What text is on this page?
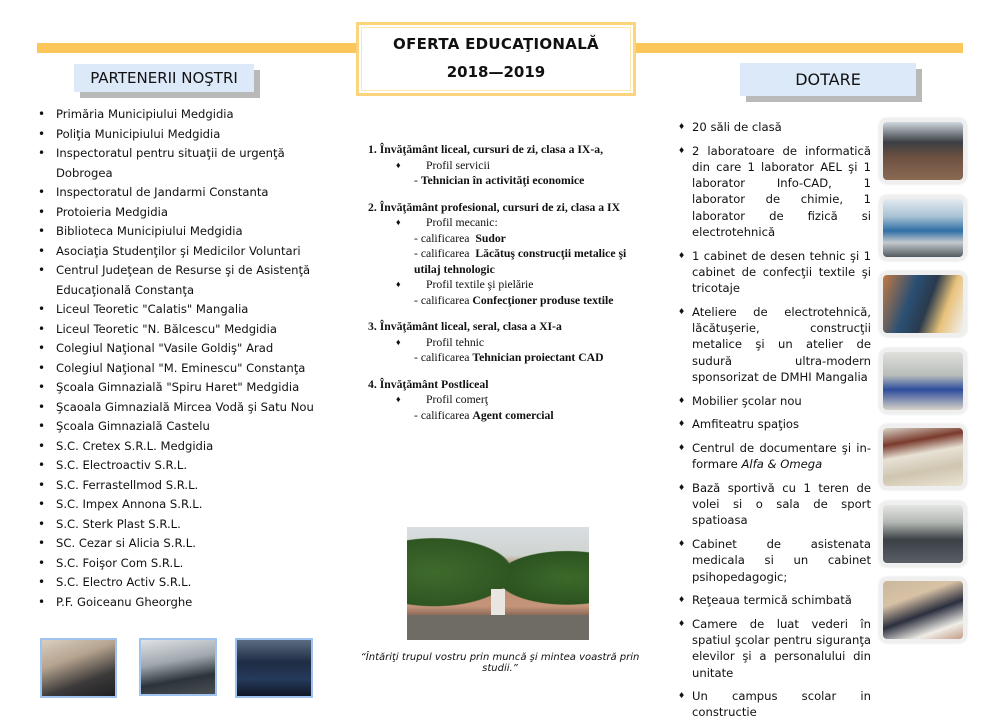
OFERTA EDUCAŢIONALĂ
2018—2019
PARTENERII NOŞTRI
• Primăria Municipiului Medgidia
• Poliţia Municipiului Medgidia
• Inspectoratul pentru situaţii de urgenţă Dobrogea
• Inspectoratul de Jandarmi Constanta
• Protoieria Medgidia
• Biblioteca Municipiului Medgidia
• Asociaţia Studenţilor şi Medicilor Voluntari
• Centrul Judeţean de Resurse şi de Asistenţă Educaţională Constanţa
• Liceul Teoretic "Calatis" Mangalia
• Liceul Teoretic "N. Bălcescu" Medgidia
• Colegiul Naţional "Vasile Goldiş" Arad
• Colegiul Naţional "M. Eminescu" Constanţa
• Şcoala Gimnazială "Spiru Haret" Medgidia
• Şcaoala Gimnazială Mircea Vodă şi Satu Nou
• Şcoala Gimnazială Castelu
• S.C. Cretex S.R.L. Medgidia
• S.C. Electroactiv S.R.L.
• S.C. Ferrastellmod S.R.L.
• S.C. Impex Annona S.R.L.
• S.C. Sterk Plast S.R.L.
• SC. Cezar si Alicia S.R.L.
• S.C. Foişor Com S.R.L.
• S.C. Electro Activ S.R.L.
• P.F. Goiceanu Gheorghe
1. Învăţământ liceal, cursuri de zi, clasa a IX-a,
♦ Profil servicii
- Tehnician în activităţi economice
2. Învăţământ profesional, cursuri de zi, clasa a IX
♦ Profil mecanic:
- calificarea  Sudor
- calificarea  Lăcătuş construcţii metalice şi utilaj tehnologic
♦ Profil textile şi pielărie
- calificarea Confecţioner produse textile
3. Învăţământ liceal, seral, clasa a XI-a
♦ Profil tehnic
- calificarea Tehnician proiectant CAD
4. Învăţământ Postliceal
♦ Profil comerţ
- calificarea Agent comercial
“Întăriţi trupul vostru prin muncă şi mintea voastră prin studii.”
DOTARE
♦ 20 săli de clasă
♦ 2 laboratoare de informatică din care 1 laborator AEL şi 1 laborator Info-CAD, 1 laborator de chimie, 1 laborator de fizică si electrotehnică
♦ 1 cabinet de desen tehnic şi 1 cabinet de confecţii textile şi tricotaje
♦ Ateliere de electrotehnică, lăcătuşerie, construcţii metalice şi un atelier de sudură ultra-modern sponsorizat de DMHI Mangalia
♦ Mobilier şcolar nou
♦ Amfiteatru spaţios
♦ Centrul de documentare şi in-formare Alfa & Omega
♦ Bază sportivă cu 1 teren de volei si o sala de sport spatioasa
♦ Cabinet de asistenata medicala si un cabinet psihopedagogic;
♦ Reţeaua termică schimbată
♦ Camere de luat vederi în spatiul şcolar pentru siguranţa elevilor şi a personalului din unitate
♦ Un campus scolar in constructie
